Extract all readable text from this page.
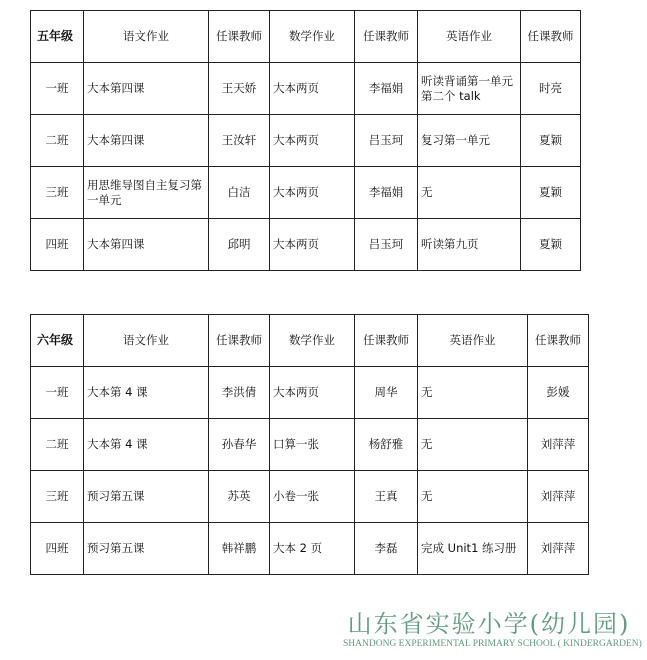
五年级	语文作业	任课教师	数学作业	任课教师	英语作业	任课教师
一班	大本第四课	王天娇	大本两页	李福娟	听读背诵第一单元第二个 talk	时亮
二班	大本第四课	王汝轩	大本两页	吕玉珂	复习第一单元	夏颖
三班	用思维导图自主复习第一单元	白洁	大本两页	李福娟	无	夏颖
四班	大本第四课	邱明	大本两页	吕玉珂	听读第九页	夏颖
六年级	语文作业	任课教师	数学作业	任课教师	英语作业	任课教师
一班	大本第 4 课	李洪倩	大本两页	周华	无	彭媛
二班	大本第 4 课	孙春华	口算一张	杨舒雅	无	刘萍萍
三班	预习第五课	苏英	小卷一张	王真	无	刘萍萍
四班	预习第五课	韩祥鹏	大本 2 页	李磊	完成 Unit1 练习册	刘萍萍
山东省实验小学(幼儿园)
SHANDONG EXPERIMENTAL PRIMARY SCHOOL ( KINDERGARDEN)
